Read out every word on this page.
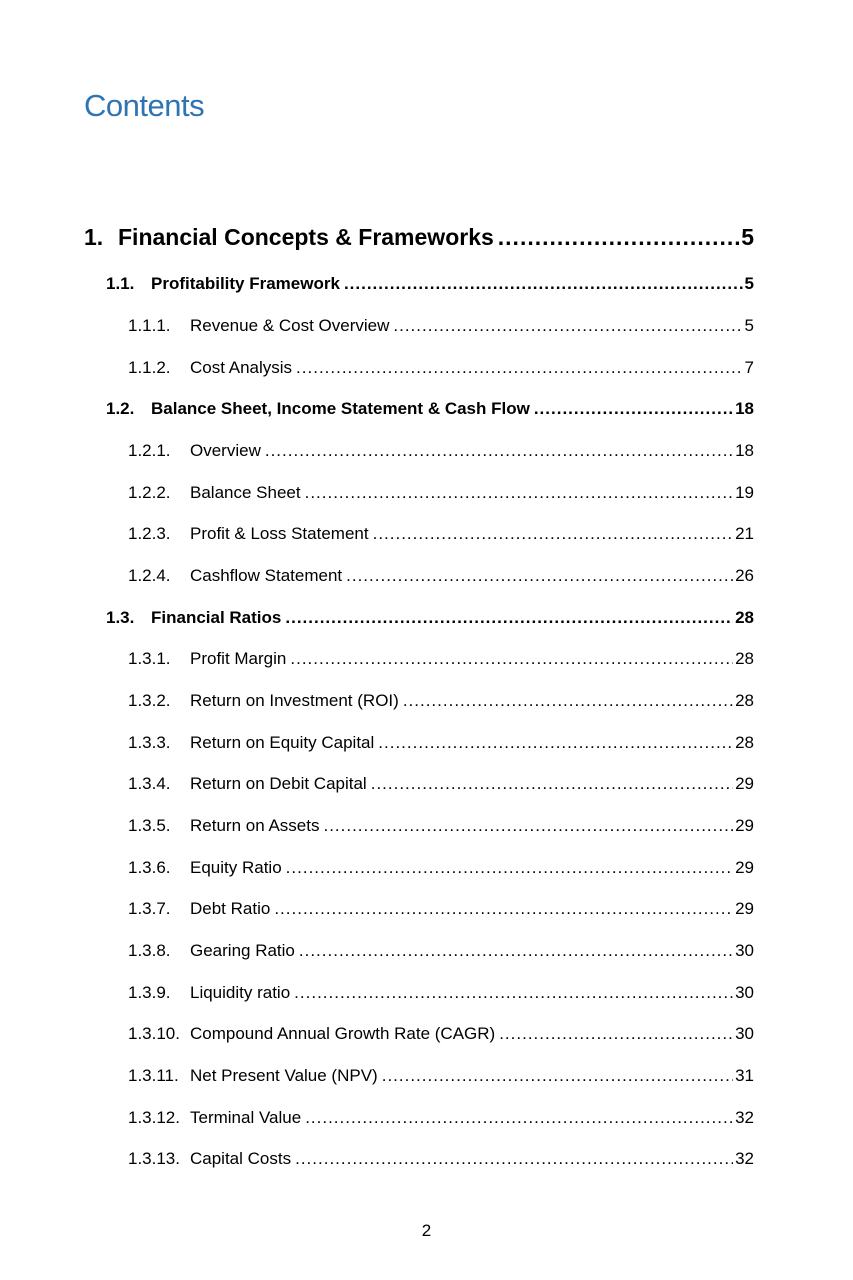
Contents
1. Financial Concepts & Frameworks .....	5
1.1. Profitability Framework .....	5
1.1.1.	Revenue & Cost Overview .....	5
1.1.2.	Cost Analysis .....	7
1.2. Balance Sheet, Income Statement & Cash Flow .....	18
1.2.1.	Overview .....	18
1.2.2.	Balance Sheet .....	19
1.2.3.	Profit & Loss Statement .....	21
1.2.4.	Cashflow Statement .....	26
1.3. Financial Ratios .....	28
1.3.1.	Profit Margin .....	28
1.3.2.	Return on Investment (ROI) .....	28
1.3.3.	Return on Equity Capital .....	28
1.3.4.	Return on Debit Capital .....	29
1.3.5.	Return on Assets .....	29
1.3.6.	Equity Ratio .....	29
1.3.7.	Debt Ratio .....	29
1.3.8.	Gearing Ratio .....	30
1.3.9.	Liquidity ratio .....	30
1.3.10. Compound Annual Growth Rate (CAGR) .....	30
1.3.11. Net Present Value (NPV) .....	31
1.3.12. Terminal Value .....	32
1.3.13. Capital Costs .....	32
2
